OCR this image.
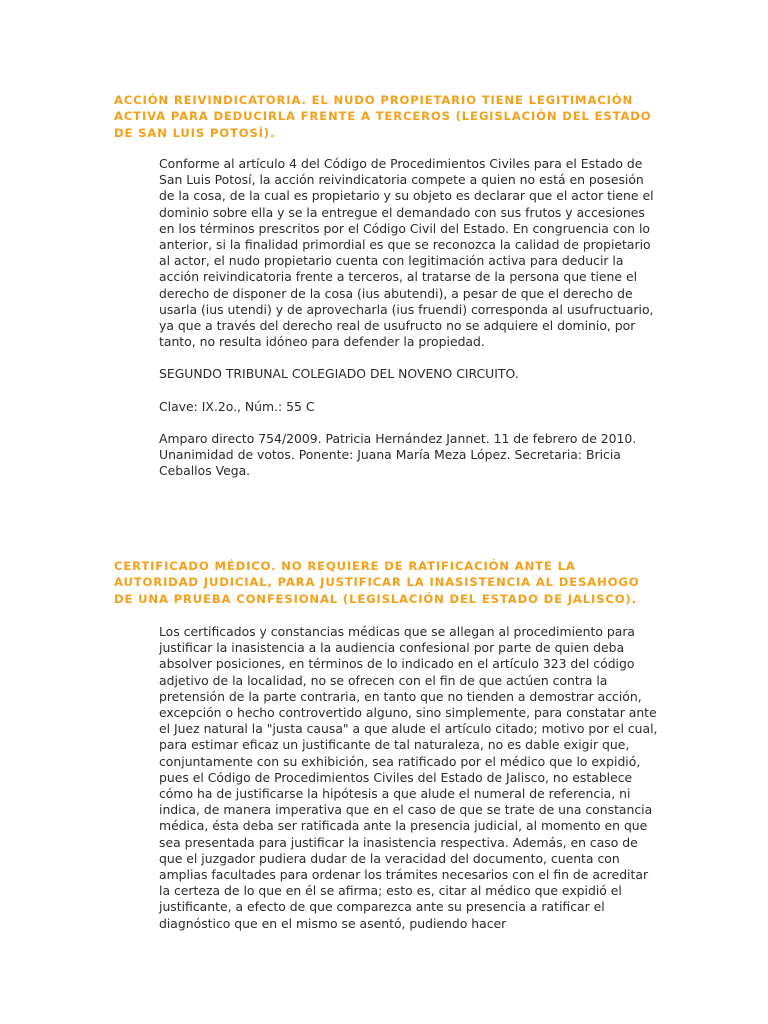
ACCIÓN REIVINDICATORIA. EL NUDO PROPIETARIO TIENE LEGITIMACIÓN ACTIVA PARA DEDUCIRLA FRENTE A TERCEROS (LEGISLACIÓN DEL ESTADO DE SAN LUIS POTOSÍ).

Conforme al artículo 4 del Código de Procedimientos Civiles para el Estado de San Luis Potosí, la acción reivindicatoria compete a quien no está en posesión de la cosa, de la cual es propietario y su objeto es declarar que el actor tiene el dominio sobre ella y se la entregue el demandado con sus frutos y accesiones en los términos prescritos por el Código Civil del Estado. En congruencia con lo anterior, si la finalidad primordial es que se reconozca la calidad de propietario al actor, el nudo propietario cuenta con legitimación activa para deducir la acción reivindicatoria frente a terceros, al tratarse de la persona que tiene el derecho de disponer de la cosa (ius abutendi), a pesar de que el derecho de usarla (ius utendi) y de aprovecharla (ius fruendi) corresponda al usufructuario, ya que a través del derecho real de usufructo no se adquiere el dominio, por tanto, no resulta idóneo para defender la propiedad.

SEGUNDO TRIBUNAL COLEGIADO DEL NOVENO CIRCUITO.

Clave: IX.2o., Núm.: 55 C

Amparo directo 754/2009. Patricia Hernández Jannet. 11 de febrero de 2010. Unanimidad de votos. Ponente: Juana María Meza López. Secretaria: Bricia Ceballos Vega.

CERTIFICADO MÉDICO. NO REQUIERE DE RATIFICACIÓN ANTE LA AUTORIDAD JUDICIAL, PARA JUSTIFICAR LA INASISTENCIA AL DESAHOGO DE UNA PRUEBA CONFESIONAL (LEGISLACIÓN DEL ESTADO DE JALISCO).

Los certificados y constancias médicas que se allegan al procedimiento para justificar la inasistencia a la audiencia confesional por parte de quien deba absolver posiciones, en términos de lo indicado en el artículo 323 del código adjetivo de la localidad, no se ofrecen con el fin de que actúen contra la pretensión de la parte contraria, en tanto que no tienden a demostrar acción, excepción o hecho controvertido alguno, sino simplemente, para constatar ante el Juez natural la "justa causa" a que alude el artículo citado; motivo por el cual, para estimar eficaz un justificante de tal naturaleza, no es dable exigir que, conjuntamente con su exhibición, sea ratificado por el médico que lo expidió, pues el Código de Procedimientos Civiles del Estado de Jalisco, no establece cómo ha de justificarse la hipótesis a que alude el numeral de referencia, ni indica, de manera imperativa que en el caso de que se trate de una constancia médica, ésta deba ser ratificada ante la presencia judicial, al momento en que sea presentada para justificar la inasistencia respectiva. Además, en caso de que el juzgador pudiera dudar de la veracidad del documento, cuenta con amplias facultades para ordenar los trámites necesarios con el fin de acreditar la certeza de lo que en él se afirma; esto es, citar al médico que expidió el justificante, a efecto de que comparezca ante su presencia a ratificar el diagnóstico que en el mismo se asentó, pudiendo hacer
